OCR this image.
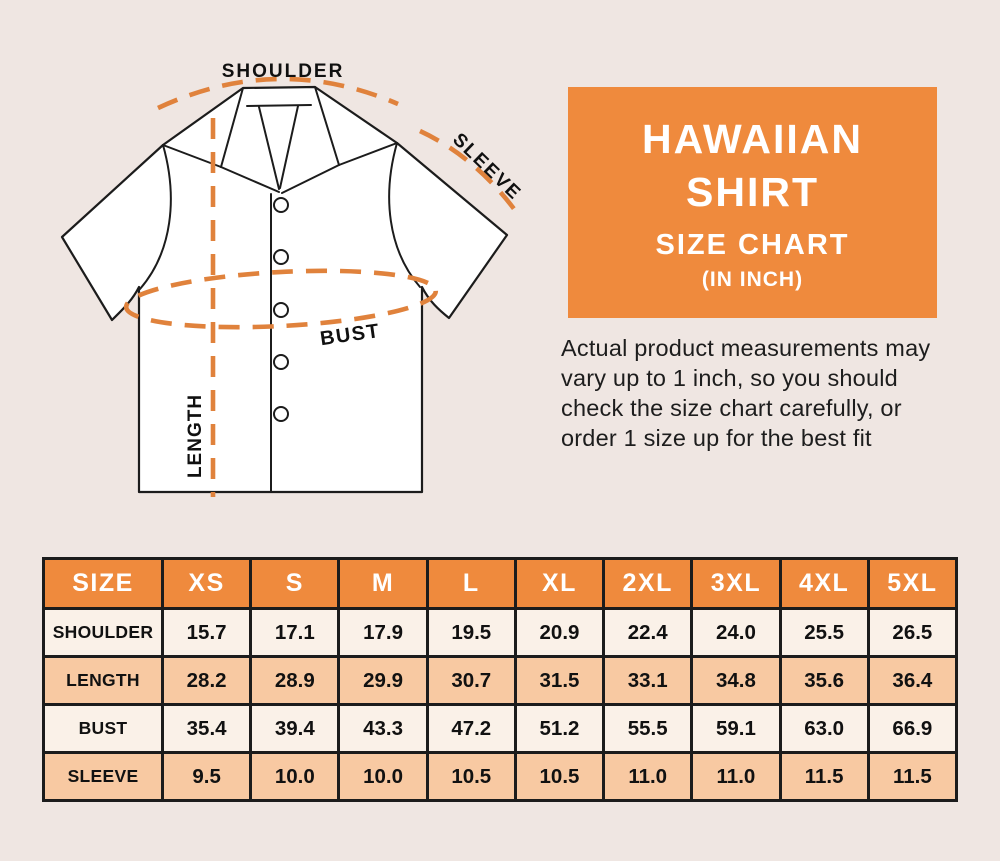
SHOULDER
SLEEVE
BUST
LENGTH
HAWAIIAN
SHIRT
SIZE CHART
(IN INCH)

Actual product measurements may vary up to 1 inch, so you should check the size chart carefully, or order 1 size up for the best fit

SIZE	XS	S	M	L	XL	2XL	3XL	4XL	5XL
SHOULDER	15.7	17.1	17.9	19.5	20.9	22.4	24.0	25.5	26.5
LENGTH	28.2	28.9	29.9	30.7	31.5	33.1	34.8	35.6	36.4
BUST	35.4	39.4	43.3	47.2	51.2	55.5	59.1	63.0	66.9
SLEEVE	9.5	10.0	10.0	10.5	10.5	11.0	11.0	11.5	11.5
